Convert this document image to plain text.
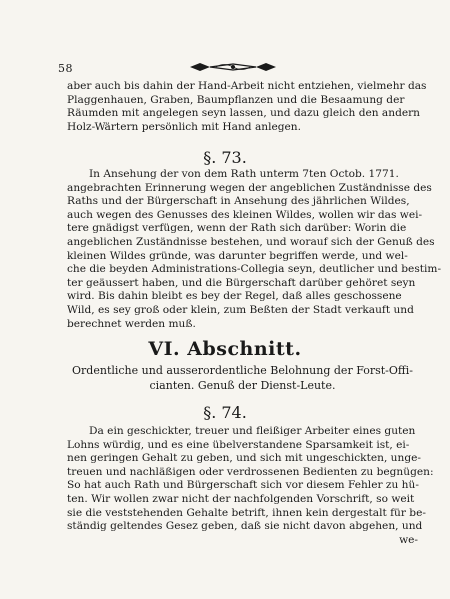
58
aber auch bis dahin der Hand-Arbeit nicht entziehen, vielmehr das
Plaggenhauen, Graben, Baumpflanzen und die Besaamung der
Räumden mit angelegen seyn lassen, und dazu gleich den andern
Holz-Wärtern persönlich mit Hand anlegen.
§. 73.
In Ansehung der von dem Rath unterm 7ten Octob. 1771.
angebrachten Erinnerung wegen der angeblichen Zuständnisse des
Raths und der Bürgerschaft in Ansehung des jährlichen Wildes,
auch wegen des Genusses des kleinen Wildes, wollen wir das wei-
tere gnädigst verfügen, wenn der Rath sich darüber: Worin die
angeblichen Zuständnisse bestehen, und worauf sich der Genuß des
kleinen Wildes gründe, was darunter begriffen werde, und wel-
che die beyden Administrations-Collegia seyn, deutlicher und bestim-
ter geäussert haben, und die Bürgerschaft darüber gehöret seyn
wird. Bis dahin bleibt es bey der Regel, daß alles geschossene
Wild, es sey groß oder klein, zum Beßten der Stadt verkauft und
berechnet werden muß.
VI. Abschnitt.
Ordentliche und ausserordentliche Belohnung der Forst-Offi-
cianten. Genuß der Dienst-Leute.
§. 74.
Da ein geschickter, treuer und fleißiger Arbeiter eines guten
Lohns würdig, und es eine übelverstandene Sparsamkeit ist, ei-
nen geringen Gehalt zu geben, und sich mit ungeschickten, unge-
treuen und nachläßigen oder verdrossenen Bedienten zu begnügen:
So hat auch Rath und Bürgerschaft sich vor diesem Fehler zu hü-
ten. Wir wollen zwar nicht der nachfolgenden Vorschrift, so weit
sie die veststehenden Gehalte betrift, ihnen kein dergestalt für be-
ständig geltendes Gesez geben, daß sie nicht davon abgehen, und
we-
